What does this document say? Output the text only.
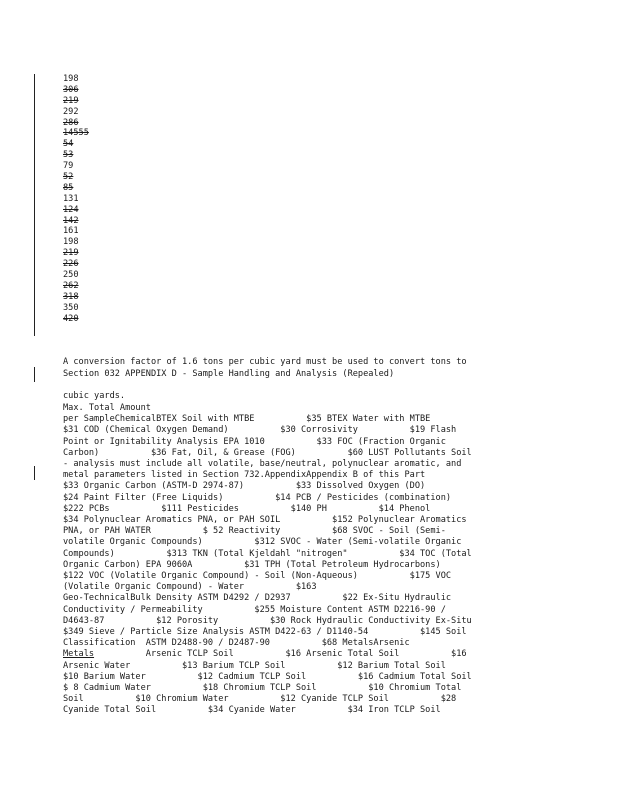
198
306
219
292
286
14555
54
53
79
52
85
131
124
142
161
198
219
226
250
262
318
350
420

A conversion factor of 1.6 tons per cubic yard must be used to convert tons to

cubic yards.

Section 032 APPENDIX D - Sample Handling and Analysis (Repealed)
Max. Total Amount
per SampleChemicalBTEX Soil with MTBE          $35 BTEX Water with MTBE
$31 COD (Chemical Oxygen Demand)          $30 Corrosivity          $19 Flash
Point or Ignitability Analysis EPA 1010          $33 FOC (Fraction Organic
Carbon)          $36 Fat, Oil, & Grease (FOG)          $60 LUST Pollutants Soil
- analysis must include all volatile, base/neutral, polynuclear aromatic, and
metal parameters listed in Section 732.AppendixAppendix B of this Part
$33 Organic Carbon (ASTM-D 2974-87)          $33 Dissolved Oxygen (DO)
$24 Paint Filter (Free Liquids)          $14 PCB / Pesticides (combination)
$222 PCBs          $111 Pesticides          $140 PH          $14 Phenol
$34 Polynuclear Aromatics PNA, or PAH SOIL          $152 Polynuclear Aromatics
PNA, or PAH WATER          $ 52 Reactivity          $68 SVOC - Soil (Semi-
volatile Organic Compounds)          $312 SVOC - Water (Semi-volatile Organic
Compounds)          $313 TKN (Total Kjeldahl "nitrogen"          $34 TOC (Total
Organic Carbon) EPA 9060A          $31 TPH (Total Petroleum Hydrocarbons)
$122 VOC (Volatile Organic Compound) - Soil (Non-Aqueous)          $175 VOC
(Volatile Organic Compound) - Water          $163
Geo-TechnicalBulk Density ASTM D4292 / D2937          $22 Ex-Situ Hydraulic
Conductivity / Permeability          $255 Moisture Content ASTM D2216-90 /
D4643-87          $12 Porosity          $30 Rock Hydraulic Conductivity Ex-Situ
$349 Sieve / Particle Size Analysis ASTM D422-63 / D1140-54          $145 Soil
Classification  ASTM D2488-90 / D2487-90          $68 MetalsArsenic
Metals          Arsenic TCLP Soil          $16 Arsenic Total Soil          $16
Arsenic Water          $13 Barium TCLP Soil          $12 Barium Total Soil
$10 Barium Water          $12 Cadmium TCLP Soil          $16 Cadmium Total Soil
$ 8 Cadmium Water          $18 Chromium TCLP Soil          $10 Chromium Total
Soil          $10 Chromium Water          $12 Cyanide TCLP Soil          $28
Cyanide Total Soil          $34 Cyanide Water          $34 Iron TCLP Soil
